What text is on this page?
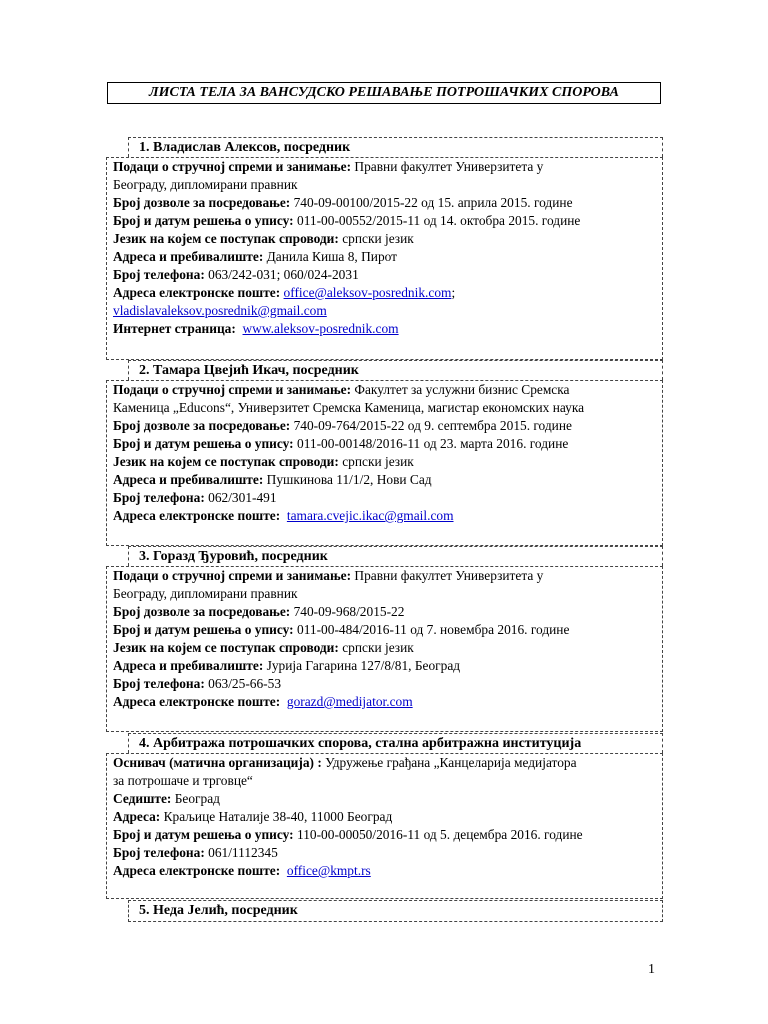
ЛИСТА ТЕЛА ЗА ВАНСУДСКО РЕШАВАЊЕ ПОТРОШАЧКИХ СПОРОВА
1. Владислав Алексов, посредник
Подаци о стручној спреми и занимање: Правни факултет Универзитета у
Београду, дипломирани правник
Број дозволе за посредовање: 740-09-00100/2015-22 од 15. априла 2015. године
Број и датум решења о упису: 011-00-00552/2015-11 од 14. октобра 2015. године
Језик на којем се поступак спроводи: српски језик
Адреса и пребивалиште: Данила Киша 8, Пирот
Број телефона: 063/242-031; 060/024-2031
Адреса електронске поште: office@aleksov-posrednik.com;
vladislavaleksov.posrednik@gmail.com
Интернет страница: www.aleksov-posrednik.com
2. Тамара Цвејић Икач, посредник
Подаци о стручној спреми и занимање: Факултет за услужни бизнис Сремска
Каменица „Educons“, Универзитет Сремска Каменица, магистар економских наука
Број дозволе за посредовање: 740-09-764/2015-22 од 9. септембра 2015. године
Број и датум решења о упису: 011-00-00148/2016-11 од 23. марта 2016. године
Језик на којем се поступак спроводи: српски језик
Адреса и пребивалиште: Пушкинова 11/1/2, Нови Сад
Број телефона: 062/301-491
Адреса електронске поште: tamara.cvejic.ikac@gmail.com
3. Горазд Ђуровић, посредник
Подаци о стручној спреми и занимање: Правни факултет Универзитета у
Београду, дипломирани правник
Број дозволе за посредовање: 740-09-968/2015-22
Број и датум решења о упису: 011-00-484/2016-11 од 7. новембра 2016. године
Језик на којем се поступак спроводи: српски језик
Адреса и пребивалиште: Јурија Гагарина 127/8/81, Београд
Број телефона: 063/25-66-53
Адреса електронске поште: gorazd@medijator.com
4. Арбитража потрошачких спорова, стална арбитражна институција
Оснивач (матична организација) : Удружење грађана „Канцеларија медијатора
за потрошаче и трговце“
Седиште: Београд
Адреса: Краљице Наталије 38-40, 11000 Београд
Број и датум решења о упису: 110-00-00050/2016-11 од 5. децембра 2016. године
Број телефона: 061/1112345
Адреса електронске поште: office@kmpt.rs
5. Неда Јелић, посредник
1
